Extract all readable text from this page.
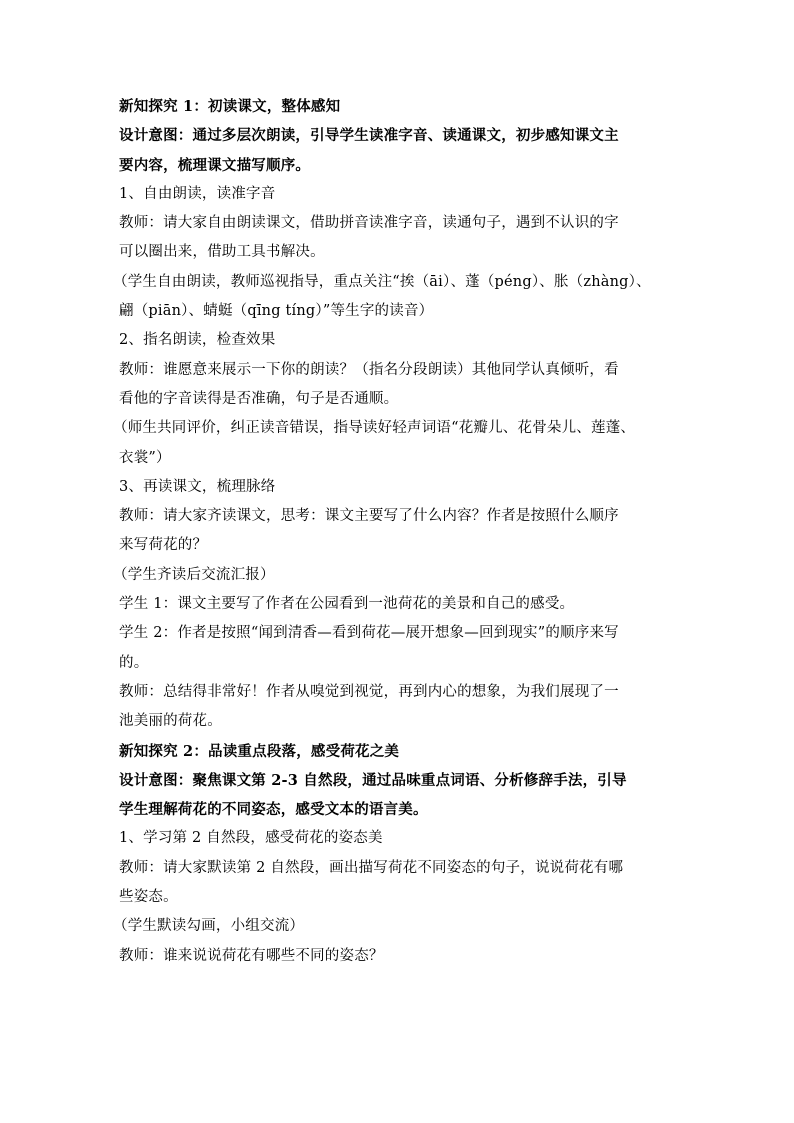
新知探究 1：初读课文，整体感知
设计意图：通过多层次朗读，引导学生读准字音、读通课文，初步感知课文主
要内容，梳理课文描写顺序。
1、自由朗读，读准字音
教师：请大家自由朗读课文，借助拼音读准字音，读通句子，遇到不认识的字
可以圈出来，借助工具书解决。
（学生自由朗读，教师巡视指导，重点关注“挨（āi）、蓬（péng）、胀（zhàng）、
翩（piān）、蜻蜓（qīng tíng）”等生字的读音）
2、指名朗读，检查效果
教师：谁愿意来展示一下你的朗读？（指名分段朗读）其他同学认真倾听，看
看他的字音读得是否准确，句子是否通顺。
（师生共同评价，纠正读音错误，指导读好轻声词语“花瓣儿、花骨朵儿、莲蓬、
衣裳”）
3、再读课文，梳理脉络
教师：请大家齐读课文，思考：课文主要写了什么内容？作者是按照什么顺序
来写荷花的？
（学生齐读后交流汇报）
学生 1：课文主要写了作者在公园看到一池荷花的美景和自己的感受。
学生 2：作者是按照“闻到清香—看到荷花—展开想象—回到现实”的顺序来写
的。
教师：总结得非常好！作者从嗅觉到视觉，再到内心的想象，为我们展现了一
池美丽的荷花。
新知探究 2：品读重点段落，感受荷花之美
设计意图：聚焦课文第 2-3 自然段，通过品味重点词语、分析修辞手法，引导
学生理解荷花的不同姿态，感受文本的语言美。
1、学习第 2 自然段，感受荷花的姿态美
教师：请大家默读第 2 自然段，画出描写荷花不同姿态的句子，说说荷花有哪
些姿态。
（学生默读勾画，小组交流）
教师：谁来说说荷花有哪些不同的姿态？
